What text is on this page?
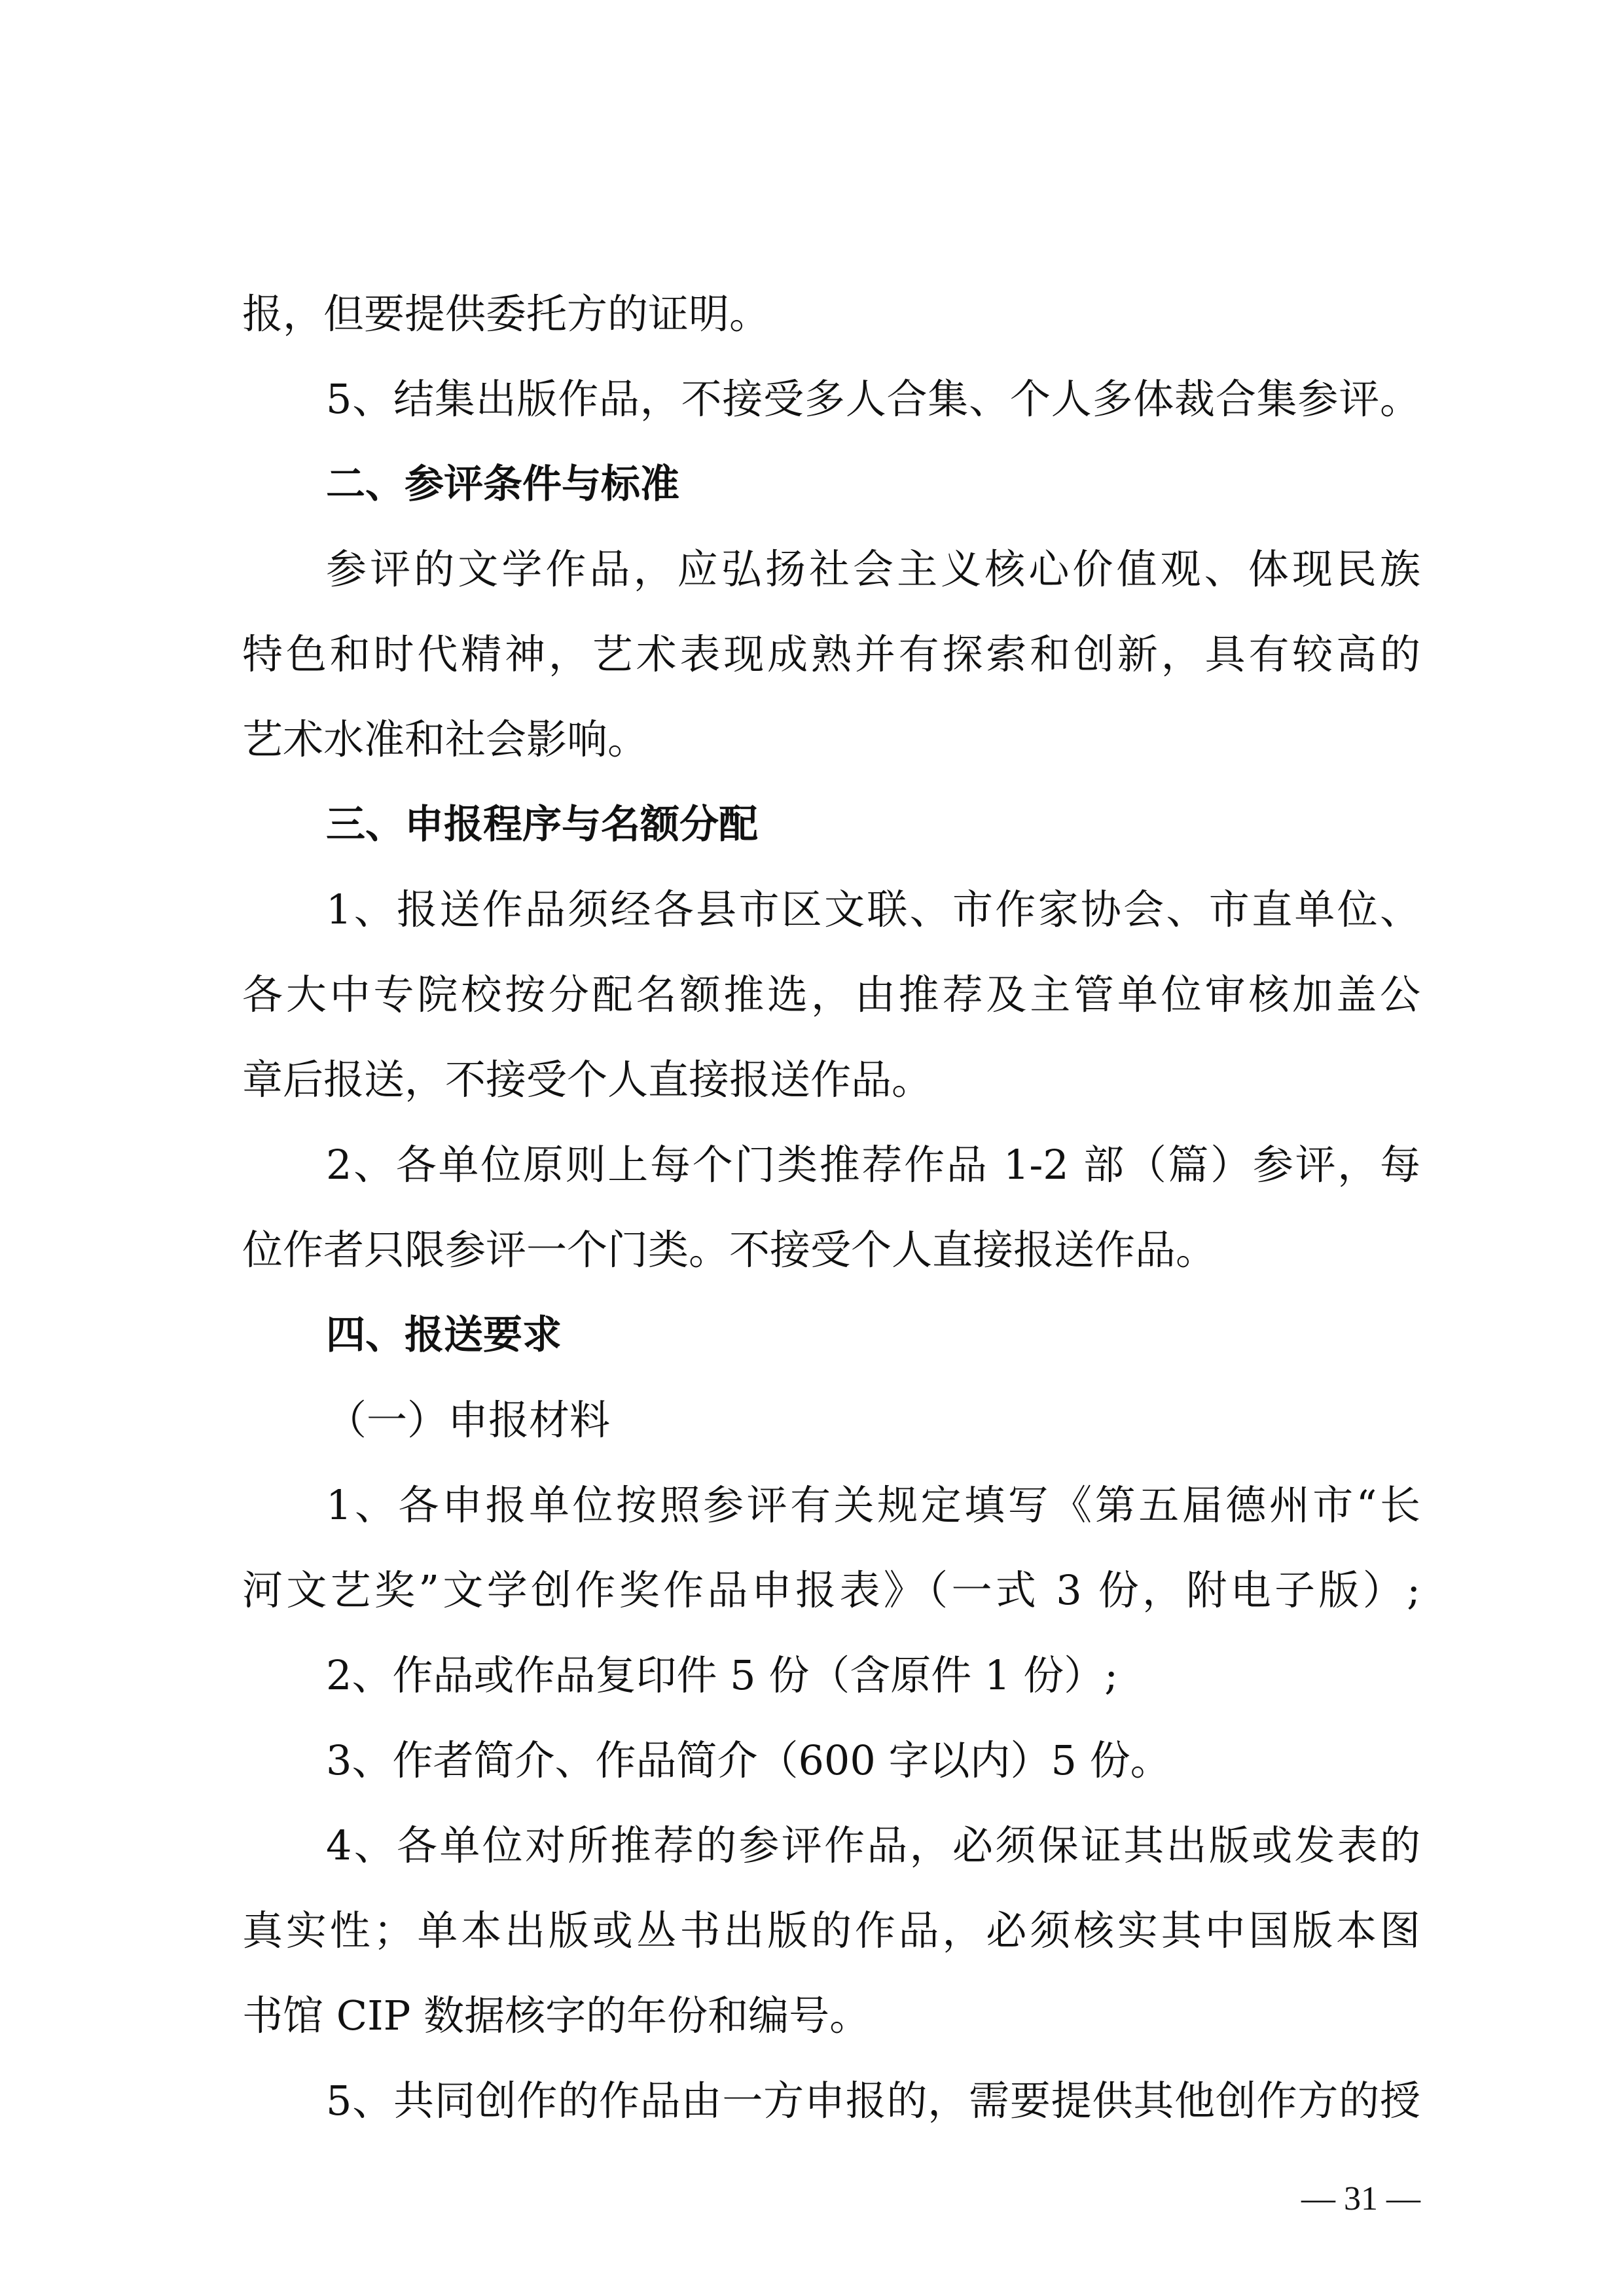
报，但要提供委托方的证明。
5、结集出版作品，不接受多人合集、个人多体裁合集参评。
二、参评条件与标准
参评的文学作品，应弘扬社会主义核心价值观、体现民族
特色和时代精神，艺术表现成熟并有探索和创新，具有较高的
艺术水准和社会影响。
三、申报程序与名额分配
1、报送作品须经各县市区文联、市作家协会、市直单位、
各大中专院校按分配名额推选，由推荐及主管单位审核加盖公
章后报送，不接受个人直接报送作品。
2、各单位原则上每个门类推荐作品 1-2 部（篇）参评，每
位作者只限参评一个门类。不接受个人直接报送作品。
四、报送要求
（一）申报材料
1、各申报单位按照参评有关规定填写《第五届德州市“长
河文艺奖”文学创作奖作品申报表》（一式 3 份，附电子版）;
2、作品或作品复印件 5 份（含原件 1 份）;
3、作者简介、作品简介（600 字以内）5 份。
4、各单位对所推荐的参评作品，必须保证其出版或发表的
真实性；单本出版或丛书出版的作品，必须核实其中国版本图
书馆 CIP 数据核字的年份和编号。
5、共同创作的作品由一方申报的，需要提供其他创作方的授
— 31 —
